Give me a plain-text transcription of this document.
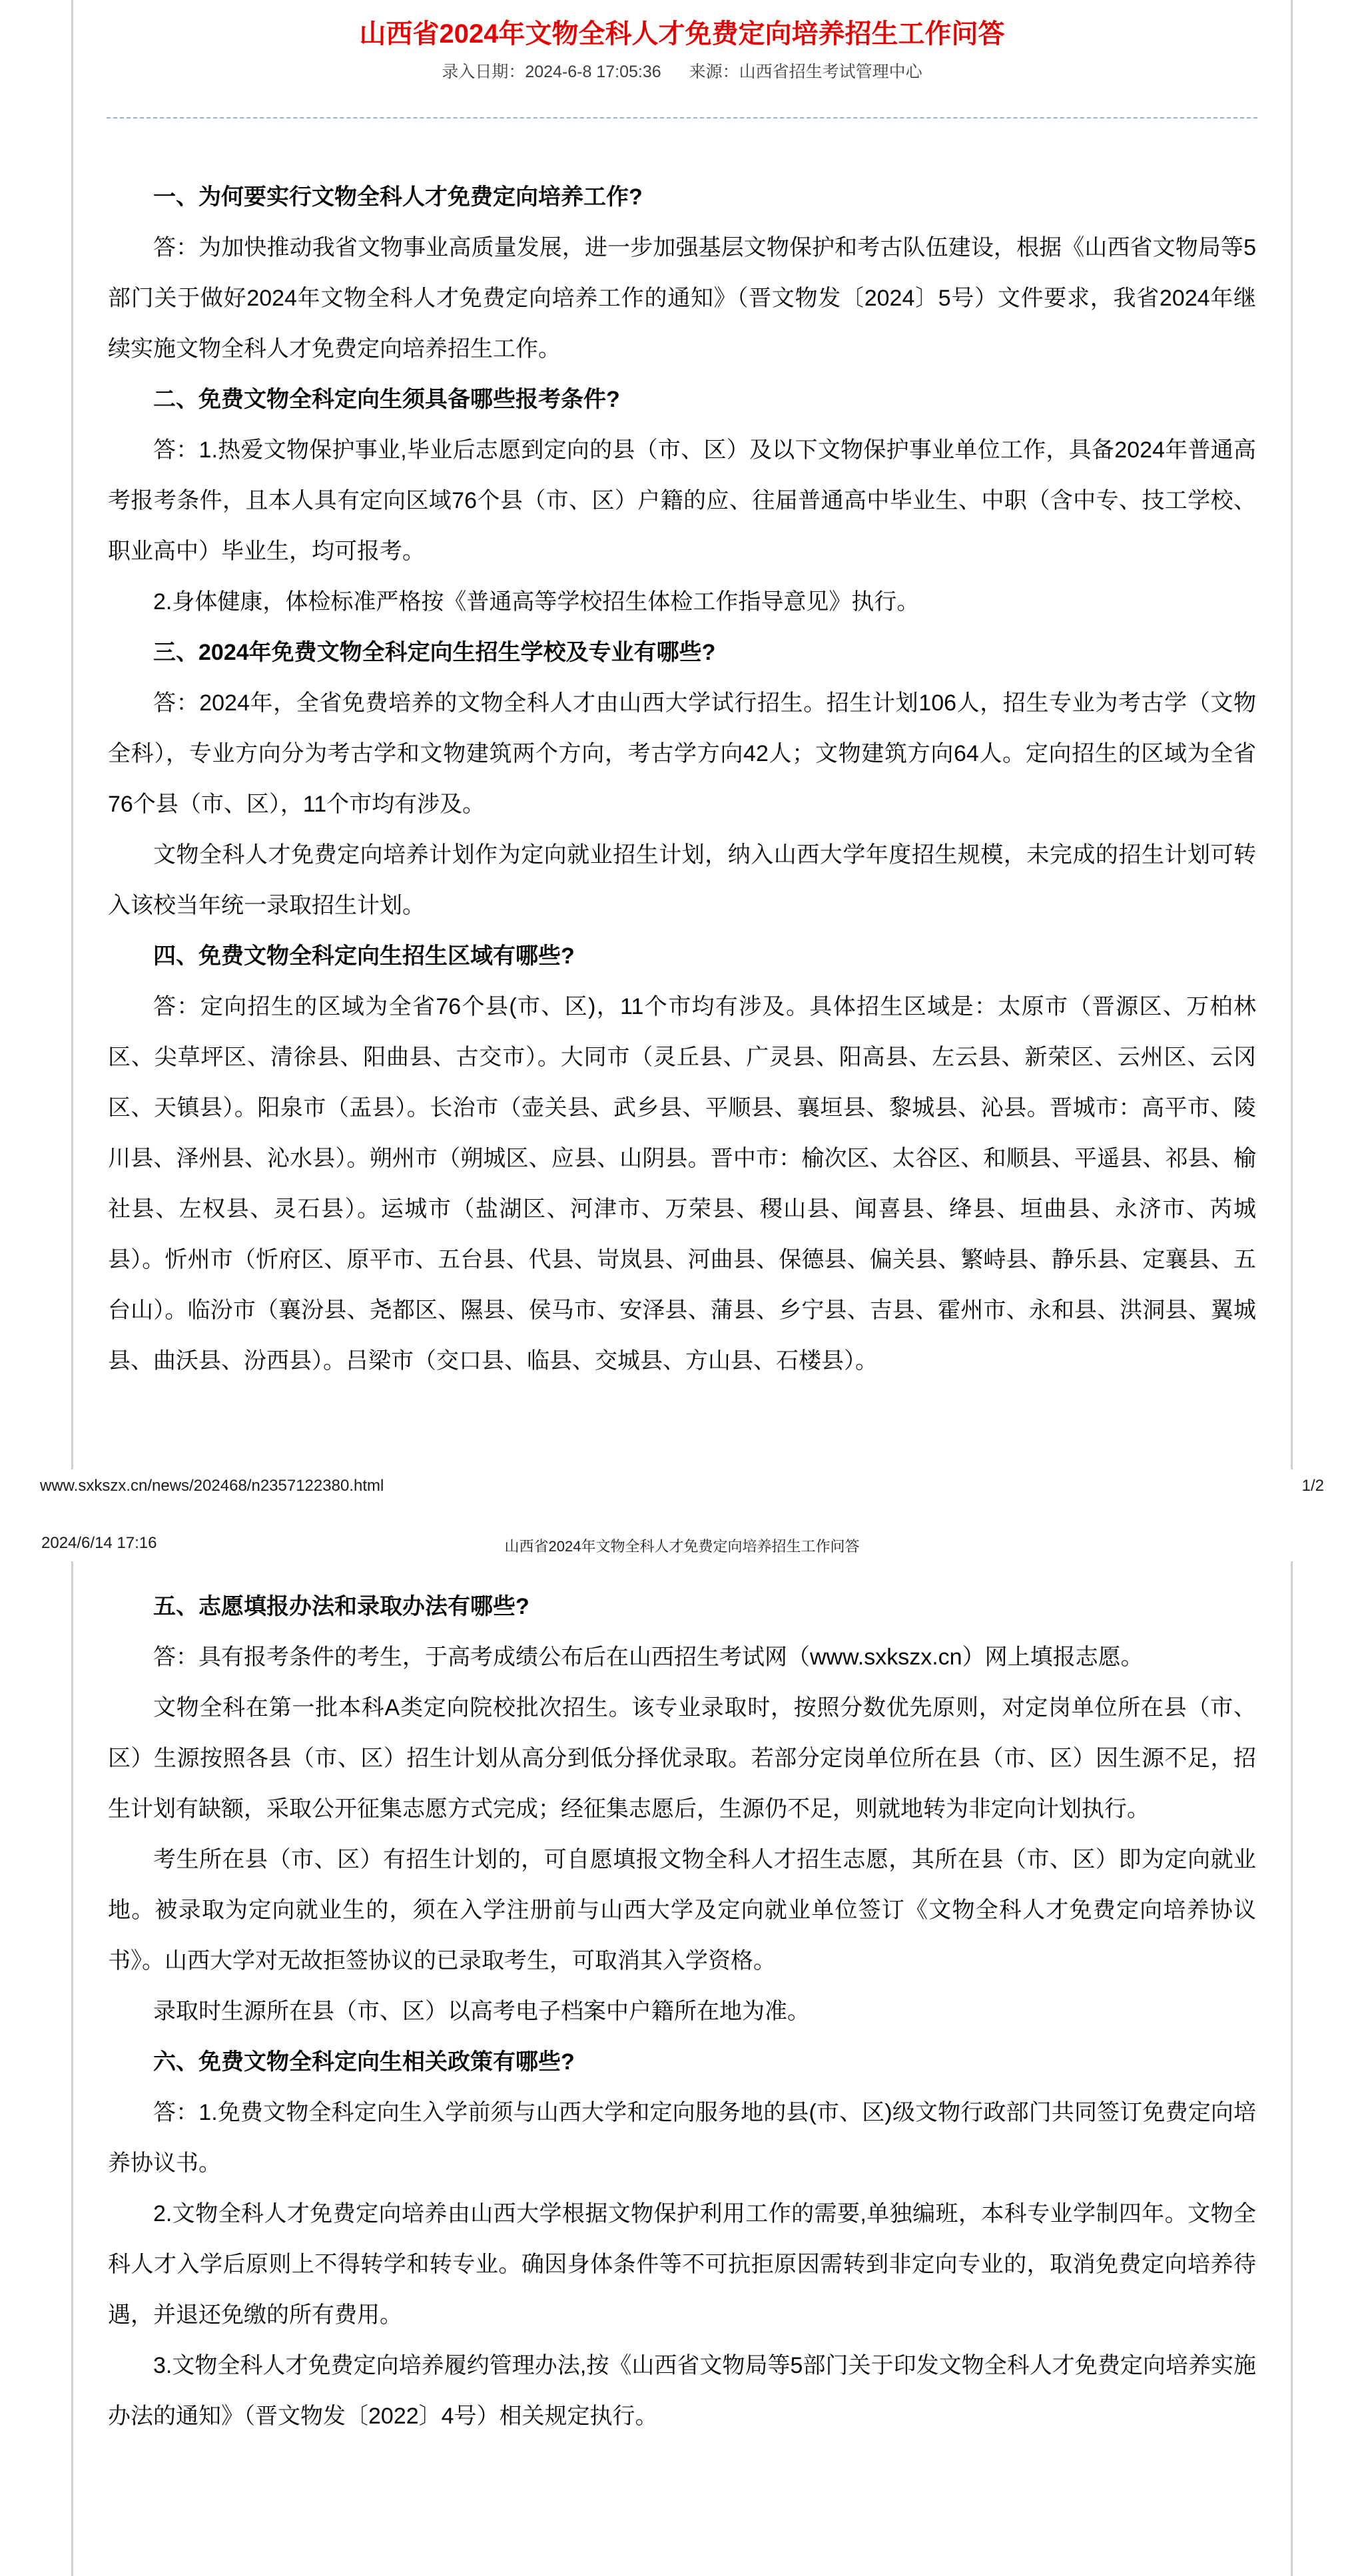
山西省2024年文物全科人才免费定向培养招生工作问答
录入日期：2024-6-8 17:05:36 来源：山西省招生考试管理中心

一、为何要实行文物全科人才免费定向培养工作?

答：为加快推动我省文物事业高质量发展，进一步加强基层文物保护和考古队伍建设，根据《山西省文物局等5部门关于做好2024年文物全科人才免费定向培养工作的通知》（晋文物发〔2024〕5号）文件要求，我省2024年继续实施文物全科人才免费定向培养招生工作。

二、免费文物全科定向生须具备哪些报考条件?

答：1.热爱文物保护事业,毕业后志愿到定向的县（市、区）及以下文物保护事业单位工作，具备2024年普通高考报考条件，且本人具有定向区域76个县（市、区）户籍的应、往届普通高中毕业生、中职（含中专、技工学校、职业高中）毕业生，均可报考。

2.身体健康，体检标准严格按《普通高等学校招生体检工作指导意见》执行。

三、2024年免费文物全科定向生招生学校及专业有哪些?

答：2024年，全省免费培养的文物全科人才由山西大学试行招生。招生计划106人，招生专业为考古学（文物全科），专业方向分为考古学和文物建筑两个方向，考古学方向42人；文物建筑方向64人。定向招生的区域为全省76个县（市、区），11个市均有涉及。

文物全科人才免费定向培养计划作为定向就业招生计划，纳入山西大学年度招生规模，未完成的招生计划可转入该校当年统一录取招生计划。

四、免费文物全科定向生招生区域有哪些?

答：定向招生的区域为全省76个县(市、区)，11个市均有涉及。具体招生区域是：太原市（晋源区、万柏林区、尖草坪区、清徐县、阳曲县、古交市）。大同市（灵丘县、广灵县、阳高县、左云县、新荣区、云州区、云冈区、天镇县）。阳泉市（盂县）。长治市（壶关县、武乡县、平顺县、襄垣县、黎城县、沁县。晋城市：高平市、陵川县、泽州县、沁水县）。朔州市（朔城区、应县、山阴县。晋中市：榆次区、太谷区、和顺县、平遥县、祁县、榆社县、左权县、灵石县）。运城市（盐湖区、河津市、万荣县、稷山县、闻喜县、绛县、垣曲县、永济市、芮城县）。忻州市（忻府区、原平市、五台县、代县、岢岚县、河曲县、保德县、偏关县、繁峙县、静乐县、定襄县、五台山）。临汾市（襄汾县、尧都区、隰县、侯马市、安泽县、蒲县、乡宁县、吉县、霍州市、永和县、洪洞县、翼城县、曲沃县、汾西县）。吕梁市（交口县、临县、交城县、方山县、石楼县）。

www.sxkszx.cn/news/202468/n2357122380.html	1/2
2024/6/14 17:16	山西省2024年文物全科人才免费定向培养招生工作问答

五、志愿填报办法和录取办法有哪些?

答：具有报考条件的考生，于高考成绩公布后在山西招生考试网（www.sxkszx.cn）网上填报志愿。

文物全科在第一批本科A类定向院校批次招生。该专业录取时，按照分数优先原则，对定岗单位所在县（市、区）生源按照各县（市、区）招生计划从高分到低分择优录取。若部分定岗单位所在县（市、区）因生源不足，招生计划有缺额，采取公开征集志愿方式完成；经征集志愿后，生源仍不足，则就地转为非定向计划执行。

考生所在县（市、区）有招生计划的，可自愿填报文物全科人才招生志愿，其所在县（市、区）即为定向就业地。被录取为定向就业生的，须在入学注册前与山西大学及定向就业单位签订《文物全科人才免费定向培养协议书》。山西大学对无故拒签协议的已录取考生，可取消其入学资格。

录取时生源所在县（市、区）以高考电子档案中户籍所在地为准。

六、免费文物全科定向生相关政策有哪些?

答：1.免费文物全科定向生入学前须与山西大学和定向服务地的县(市、区)级文物行政部门共同签订免费定向培养协议书。

2.文物全科人才免费定向培养由山西大学根据文物保护利用工作的需要,单独编班，本科专业学制四年。文物全科人才入学后原则上不得转学和转专业。确因身体条件等不可抗拒原因需转到非定向专业的，取消免费定向培养待遇，并退还免缴的所有费用。

3.文物全科人才免费定向培养履约管理办法,按《山西省文物局等5部门关于印发文物全科人才免费定向培养实施办法的通知》（晋文物发〔2022〕4号）相关规定执行。
